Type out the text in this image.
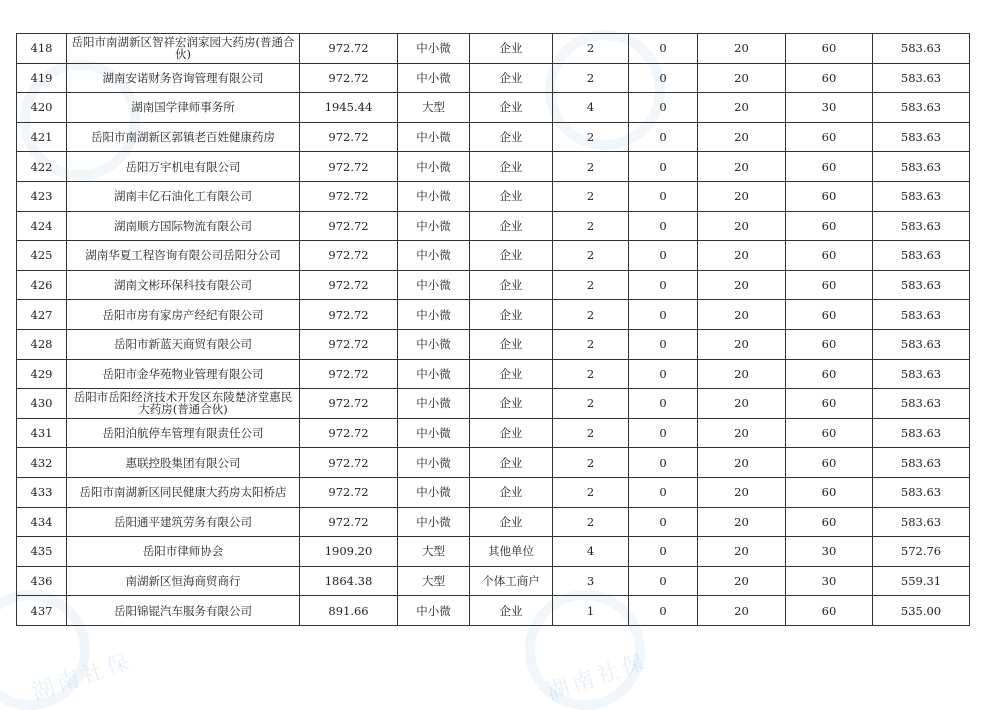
湖南社保	湖南社保
418	岳阳市南湖新区智祥宏润家园大药房(普通合伙)	972.72	中小微	企业	2	0	20	60	583.63
419	湖南安诺财务咨询管理有限公司	972.72	中小微	企业	2	0	20	60	583.63
420	湖南国学律师事务所	1945.44	大型	企业	4	0	20	30	583.63
421	岳阳市南湖新区郭镇老百姓健康药房	972.72	中小微	企业	2	0	20	60	583.63
422	岳阳万宇机电有限公司	972.72	中小微	企业	2	0	20	60	583.63
423	湖南丰亿石油化工有限公司	972.72	中小微	企业	2	0	20	60	583.63
424	湖南顺方国际物流有限公司	972.72	中小微	企业	2	0	20	60	583.63
425	湖南华夏工程咨询有限公司岳阳分公司	972.72	中小微	企业	2	0	20	60	583.63
426	湖南文彬环保科技有限公司	972.72	中小微	企业	2	0	20	60	583.63
427	岳阳市房有家房产经纪有限公司	972.72	中小微	企业	2	0	20	60	583.63
428	岳阳市新蓝天商贸有限公司	972.72	中小微	企业	2	0	20	60	583.63
429	岳阳市金华苑物业管理有限公司	972.72	中小微	企业	2	0	20	60	583.63
430	岳阳市岳阳经济技术开发区东陵楚济堂惠民大药房(普通合伙)	972.72	中小微	企业	2	0	20	60	583.63
431	岳阳泊航停车管理有限责任公司	972.72	中小微	企业	2	0	20	60	583.63
432	惠联控股集团有限公司	972.72	中小微	企业	2	0	20	60	583.63
433	岳阳市南湖新区同民健康大药房太阳桥店	972.72	中小微	企业	2	0	20	60	583.63
434	岳阳通平建筑劳务有限公司	972.72	中小微	企业	2	0	20	60	583.63
435	岳阳市律师协会	1909.20	大型	其他单位	4	0	20	30	572.76
436	南湖新区恒海商贸商行	1864.38	大型	个体工商户	3	0	20	30	559.31
437	岳阳锦锟汽车服务有限公司	891.66	中小微	企业	1	0	20	60	535.00
